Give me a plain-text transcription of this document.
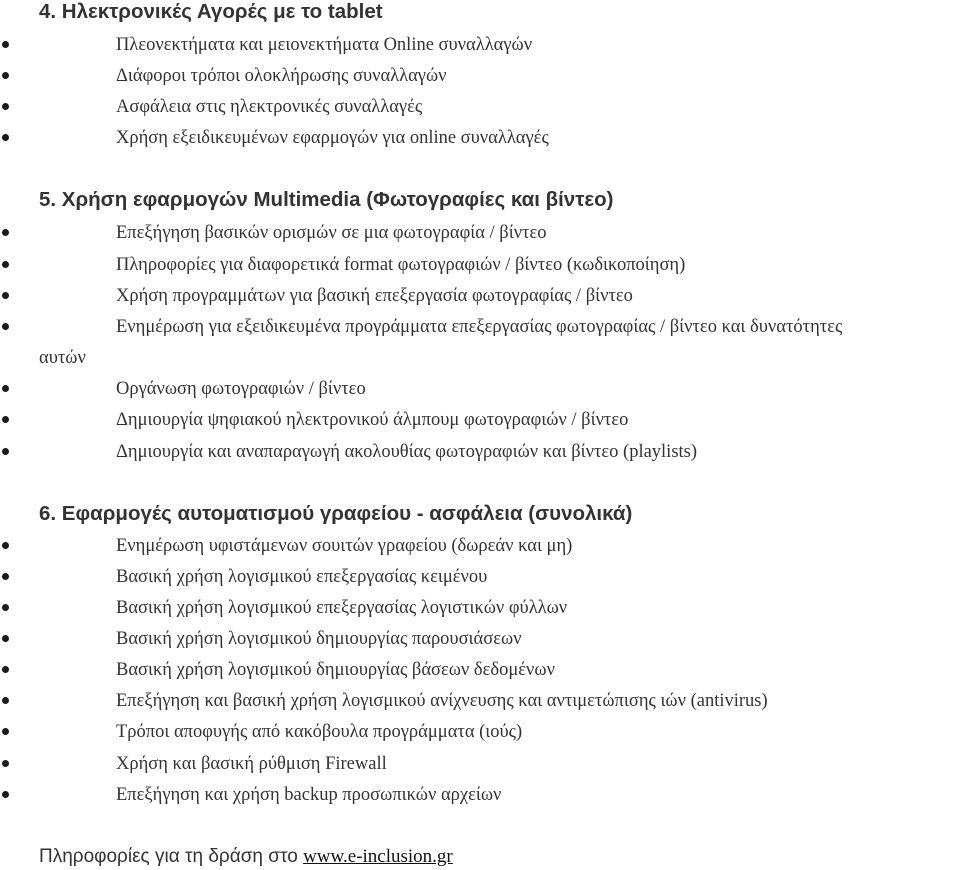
4. Ηλεκτρονικές Αγορές με το tablet
Πλεονεκτήματα και μειονεκτήματα Online συναλλαγών
Διάφοροι τρόποι ολοκλήρωσης συναλλαγών
Ασφάλεια στις ηλεκτρονικές συναλλαγές
Χρήση εξειδικευμένων εφαρμογών για online συναλλαγές
5. Χρήση εφαρμογών Multimedia (Φωτογραφίες και βίντεο)
Επεξήγηση βασικών ορισμών σε μια φωτογραφία / βίντεο
Πληροφορίες για διαφορετικά format φωτογραφιών / βίντεο (κωδικοποίηση)
Χρήση προγραμμάτων για βασική επεξεργασία φωτογραφίας / βίντεο
Ενημέρωση για εξειδικευμένα προγράμματα επεξεργασίας φωτογραφίας / βίντεο και δυνατότητες
αυτών
Οργάνωση φωτογραφιών / βίντεο
Δημιουργία ψηφιακού ηλεκτρονικού άλμπουμ φωτογραφιών / βίντεο
Δημιουργία και αναπαραγωγή ακολουθίας φωτογραφιών και βίντεο (playlists)
6. Εφαρμογές αυτοματισμού γραφείου - ασφάλεια (συνολικά)
Ενημέρωση υφιστάμενων σουιτών γραφείου (δωρεάν και μη)
Βασική χρήση λογισμικού επεξεργασίας κειμένου
Βασική χρήση λογισμικού επεξεργασίας λογιστικών φύλλων
Βασική χρήση λογισμικού δημιουργίας παρουσιάσεων
Βασική χρήση λογισμικού δημιουργίας βάσεων δεδομένων
Επεξήγηση και βασική χρήση λογισμικού ανίχνευσης και αντιμετώπισης ιών (antivirus)
Τρόποι αποφυγής από κακόβουλα προγράμματα (ιούς)
Χρήση και βασική ρύθμιση Firewall
Επεξήγηση και χρήση backup προσωπικών αρχείων
Πληροφορίες για τη δράση στο www.e-inclusion.gr
